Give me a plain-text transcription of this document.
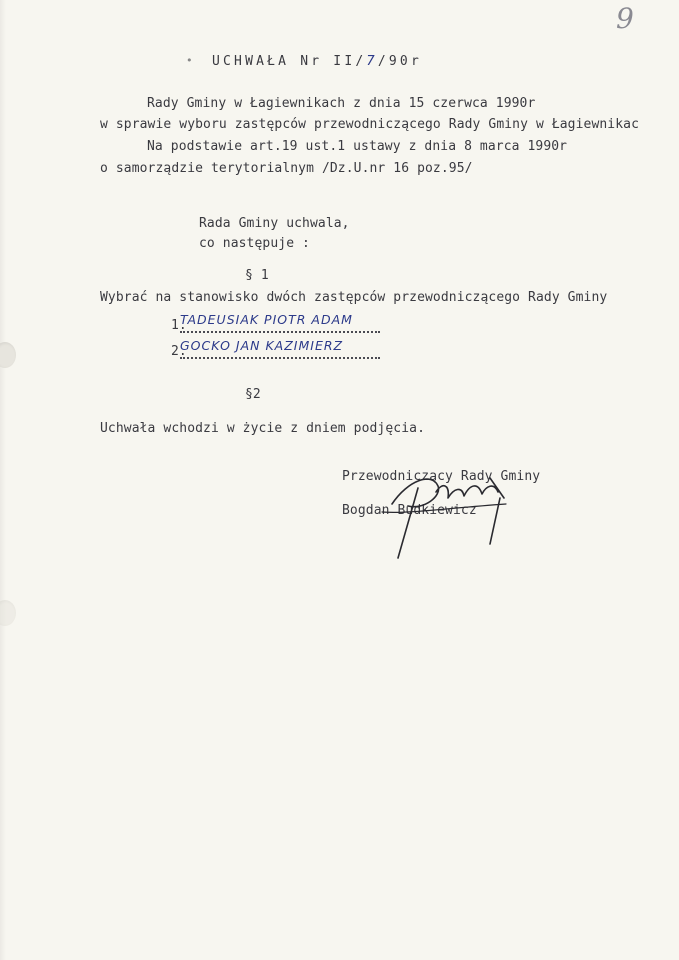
9
• UCHWAŁA Nr II/7/90r
Rady Gminy w Łagiewnikach z dnia 15 czerwca 1990r
w sprawie wyboru zastępców przewodniczącego Rady Gminy w Łagiewnikac
Na podstawie art.19 ust.1 ustawy z dnia 8 marca 1990r
o samorządzie terytorialnym /Dz.U.nr 16 poz.95/
Rada Gminy uchwala,
co następuje :
§ 1
Wybrać na stanowisko dwóch zastępców przewodniczącego Rady Gminy
1.
TADEUSIAK PIOTR ADAM
2.
GOCKO JAN KAZIMIERZ
§2
Uchwała wchodzi w życie z dniem podjęcia.
Przewodniczący Rady Gminy
Bogdan Budkiewicz
